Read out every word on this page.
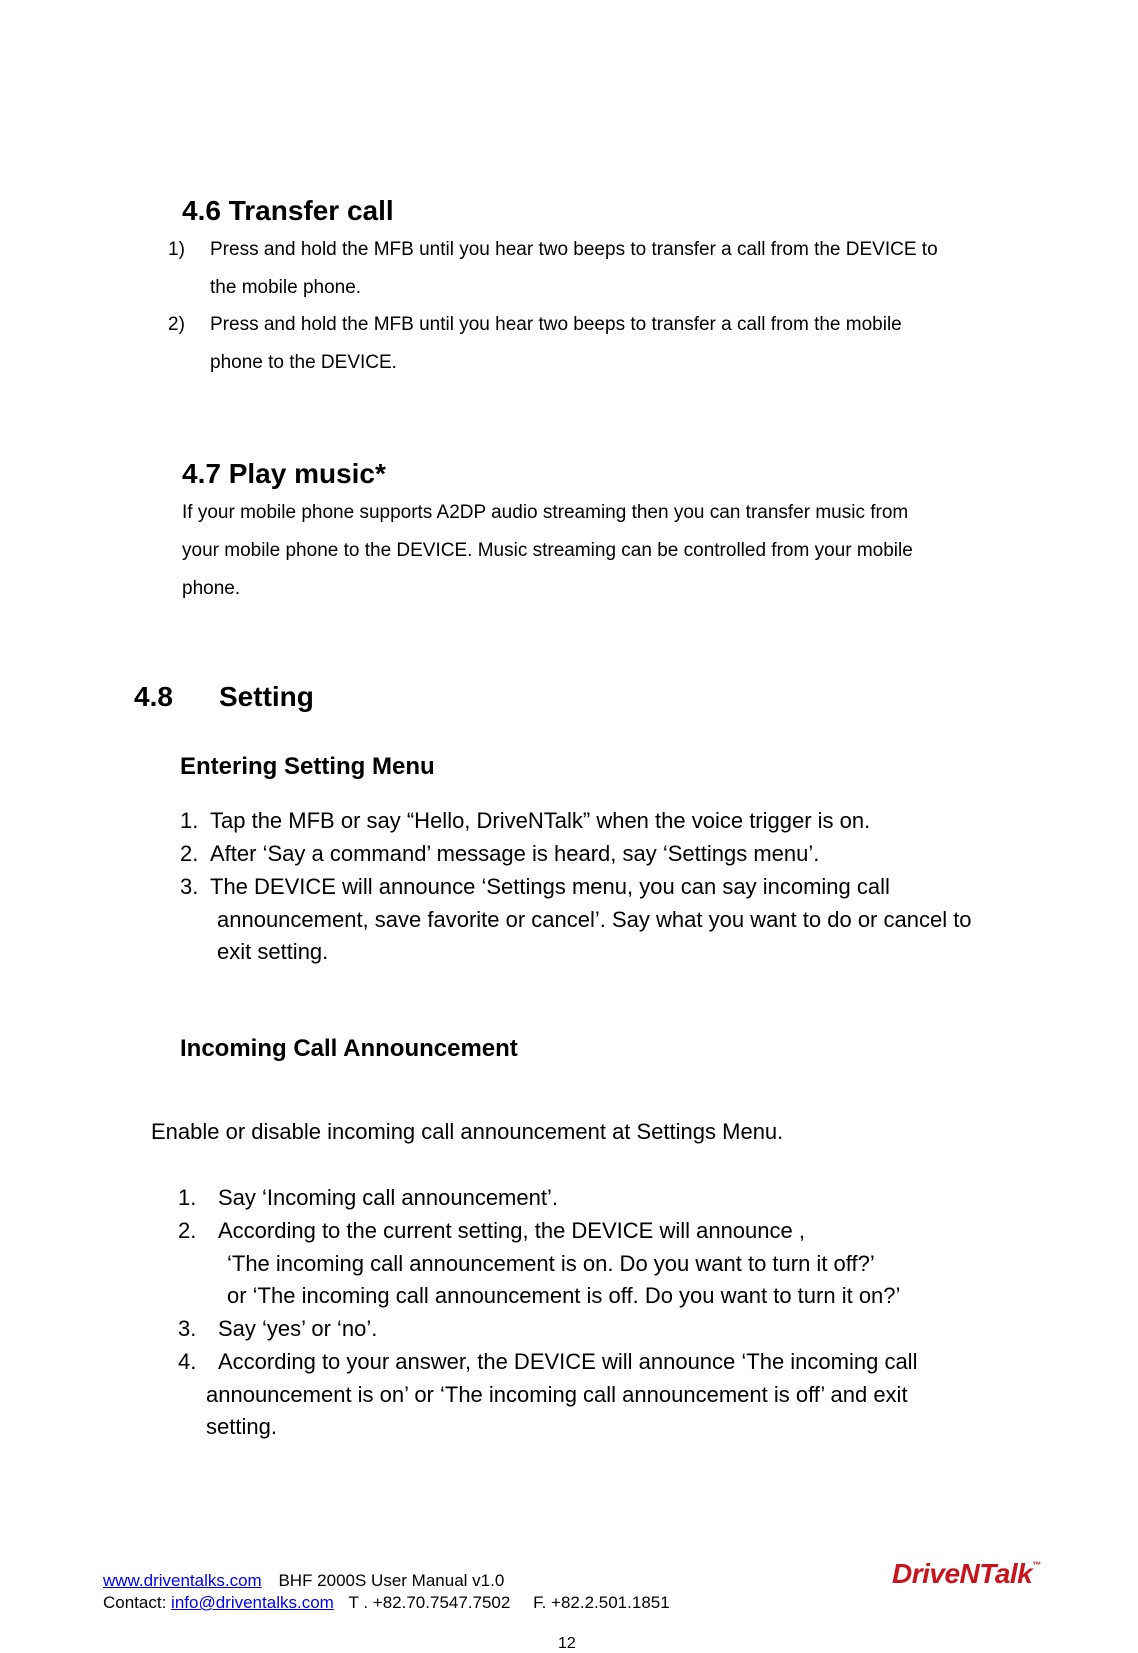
4.6 Transfer call
1) Press and hold the MFB until you hear two beeps to transfer a call from the DEVICE to
the mobile phone.
2) Press and hold the MFB until you hear two beeps to transfer a call from the mobile
phone to the DEVICE.
4.7 Play music*
If your mobile phone supports A2DP audio streaming then you can transfer music from
your mobile phone to the DEVICE. Music streaming can be controlled from your mobile
phone.
4.8 Setting
Entering Setting Menu
1. Tap the MFB or say “Hello, DriveNTalk” when the voice trigger is on.
2. After ‘Say a command’ message is heard, say ‘Settings menu’.
3. The DEVICE will announce ‘Settings menu, you can say incoming call
announcement, save favorite or cancel’. Say what you want to do or cancel to
exit setting.
Incoming Call Announcement
Enable or disable incoming call announcement at Settings Menu.
1. Say ‘Incoming call announcement’.
2. According to the current setting, the DEVICE will announce ,
‘The incoming call announcement is on. Do you want to turn it off?’
or ‘The incoming call announcement is off. Do you want to turn it on?’
3. Say ‘yes’ or ‘no’.
4. According to your answer, the DEVICE will announce ‘The incoming call
announcement is on’ or ‘The incoming call announcement is off’ and exit
setting.
www.driventalks.com BHF 2000S User Manual v1.0
Contact: info@driventalks.com T . +82.70.7547.7502 F. +82.2.501.1851
DriveNTalk™
12
